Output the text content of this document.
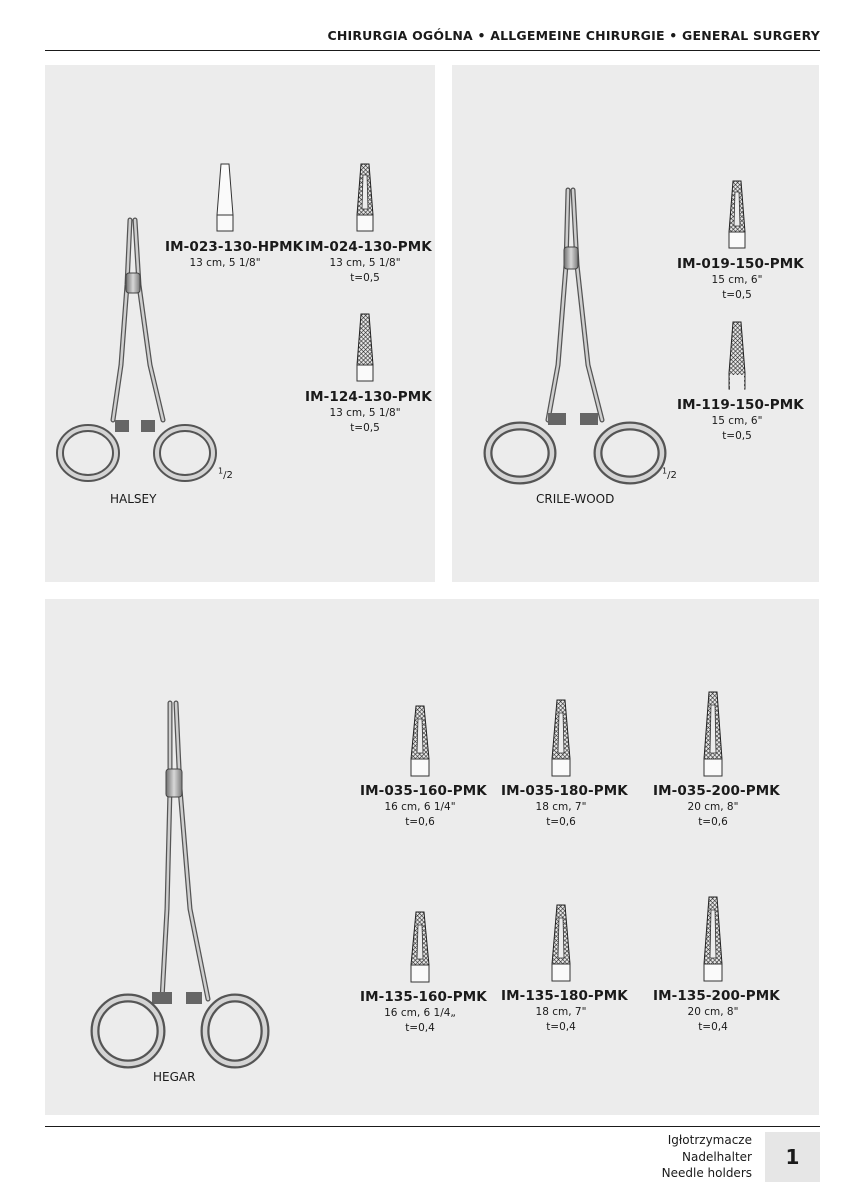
CHIRURGIA OGÓLNA • ALLGEMEINE CHIRURGIE • GENERAL SURGERY
HALSEY
$^1$/2
IM-023-130-HPMK
13 cm, 5 1/8"
IM-024-130-PMK
13 cm, 5 1/8"
t=0,5
IM-124-130-PMK
13 cm, 5 1/8"
t=0,5
CRILE-WOOD
$^1$/2
IM-019-150-PMK
15 cm, 6"
t=0,5
IM-119-150-PMK
15 cm, 6"
t=0,5
HEGAR
IM-035-160-PMK
16 cm, 6 1/4"
t=0,6
IM-035-180-PMK
18 cm, 7"
t=0,6
IM-035-200-PMK
20 cm, 8"
t=0,6
IM-135-160-PMK
16 cm, 6 1/4„
t=0,4
IM-135-180-PMK
18 cm, 7"
t=0,4
IM-135-200-PMK
20 cm, 8"
t=0,4
Igłotrzymacze
Nadelhalter
Needle holders
1
